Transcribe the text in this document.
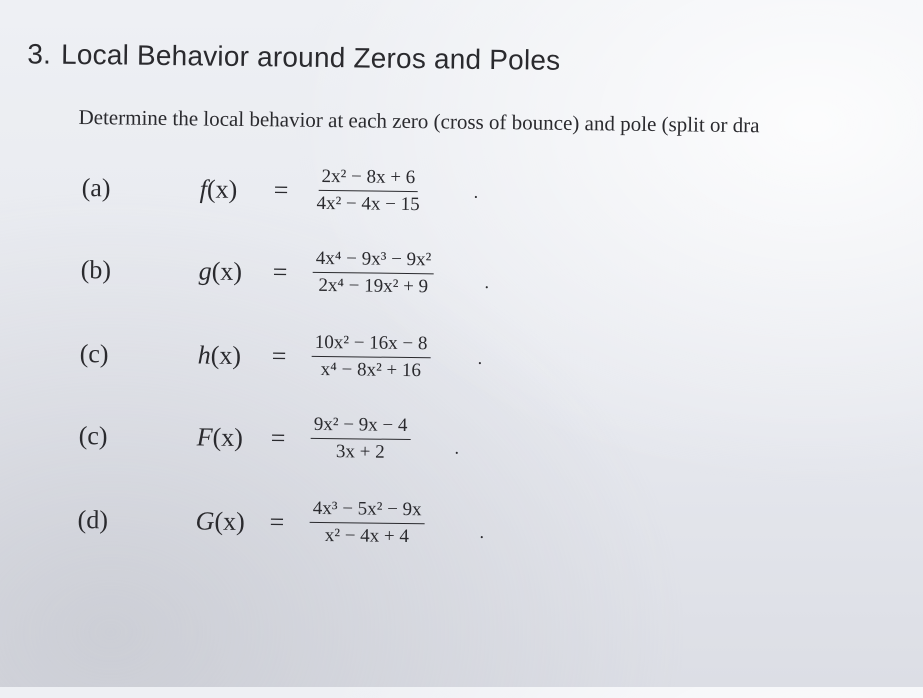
3. Local Behavior around Zeros and Poles
Determine the local behavior at each zero (cross of bounce) and pole (split or dra
(a)	$f(x) = \frac{\text{2x² − 8x + 6}}{\text{4x² − 4x − 15}}$	.
(b)	$g(x) = \frac{\text{4x⁴ − 9x³ − 9x²}}{\text{2x⁴ − 19x² + 9}}$	.
(c)	$h(x) = \frac{\text{10x² − 16x − 8}}{\text{x⁴ − 8x² + 16}}$	.
(c)	$F(x) = \frac{\text{9x² − 9x − 4}}{3x + 2}$ .
(d)	$G(x) = \frac{\text{4x³ − 5x² − 9x}}{\text{x² − 4x + 4}}$	.
